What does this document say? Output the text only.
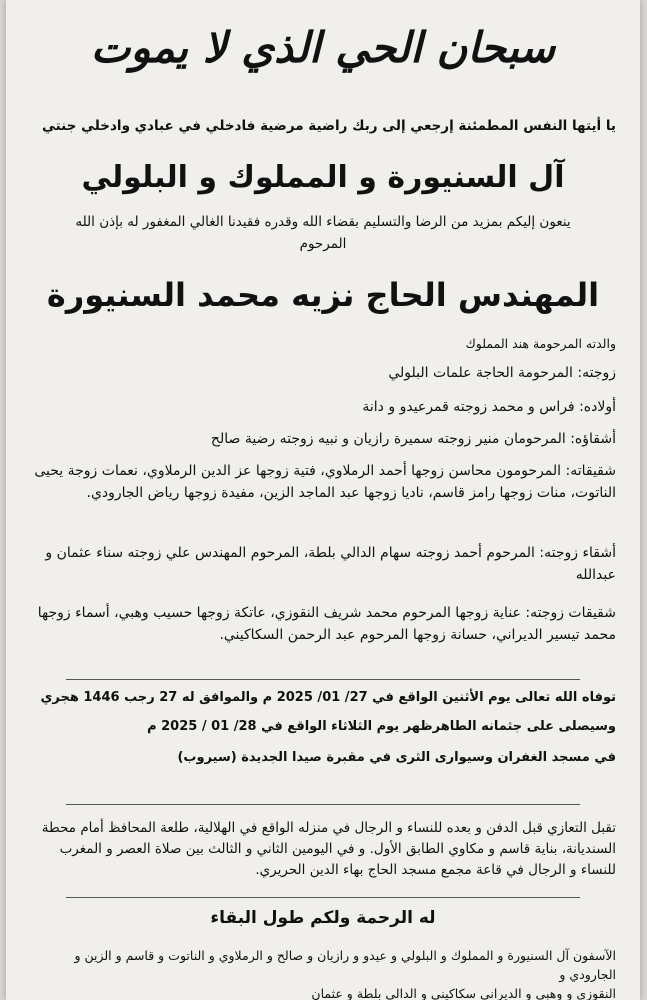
سبحان الحي الذي لا يموت
يا أيتها النفس المطمئنة إرجعي إلى ربك راضية مرضية فادخلي في عبادي وادخلي جنتي
آل السنيورة و المملوك و البلولي
ينعون إليكم بمزيد من الرضا والتسليم بقضاء الله وقدره فقيدنا الغالي المغفور له بإذن الله
المرحوم
المهندس الحاج نزيه محمد السنيورة
والدته المرحومة هند المملوك
زوجته: المرحومة الحاجة علمات البلولي
أولاده: فراس و محمد زوجته قمرعيدو و دانة
أشقاؤه: المرحومان منير زوجته سميرة رازيان و نبيه زوجته رضية صالح
شقيقاته: المرحومون محاسن زوجها أحمد الرملاوي، فتية زوجها عز الدين الرملاوي، نعمات زوجة يحيى الناتوت، منات زوجها رامز قاسم، ناديا زوجها عبد الماجد الزين، مفيدة زوجها رياض الجارودي.
أشقاء زوجته: المرحوم أحمد زوجته سهام الدالي بلطة، المرحوم المهندس علي زوجته سناء عثمان و عبدالله
شقيقات زوجته: عناية زوجها المرحوم محمد شريف النقوزي، عاتكة زوجها حسيب وهبي، أسماء زوجها محمد تيسير الديراني، حسانة زوجها المرحوم عبد الرحمن السكاكيني.
توفاه الله تعالى يوم الأثنين الواقع في 27/ 01/ 2025 م والموافق له 27 رجب 1446 هجري
وسيصلى على جثمانه الطاهرظهر يوم الثلاثاء الواقع في 28/ 01 / 2025 م
في مسجد الغفران وسيوارى الثرى في مقبرة صيدا الجديدة (سيروب)
تقبل التعازي قبل الدفن و بعده للنساء و الرجال في منزله الواقع في الهلالية، طلعة المحافظ أمام محطة السنديانة، بناية قاسم و مكاوي الطابق الأول. و في اليومين الثاني و الثالث بين صلاة العصر و المغرب للنساء و الرجال في قاعة مجمع مسجد الحاج بهاء الدين الحريري.
له الرحمة ولكم طول البقاء
الآسفون آل السنيورة و المملوك و البلولي و عيدو و رازيان و صالح و الرملاوي و الناتوت و قاسم و الزين و الجارودي و
النقوزي و وهبي و الديراني سكاكيني و الدالي بلطة و عثمان
